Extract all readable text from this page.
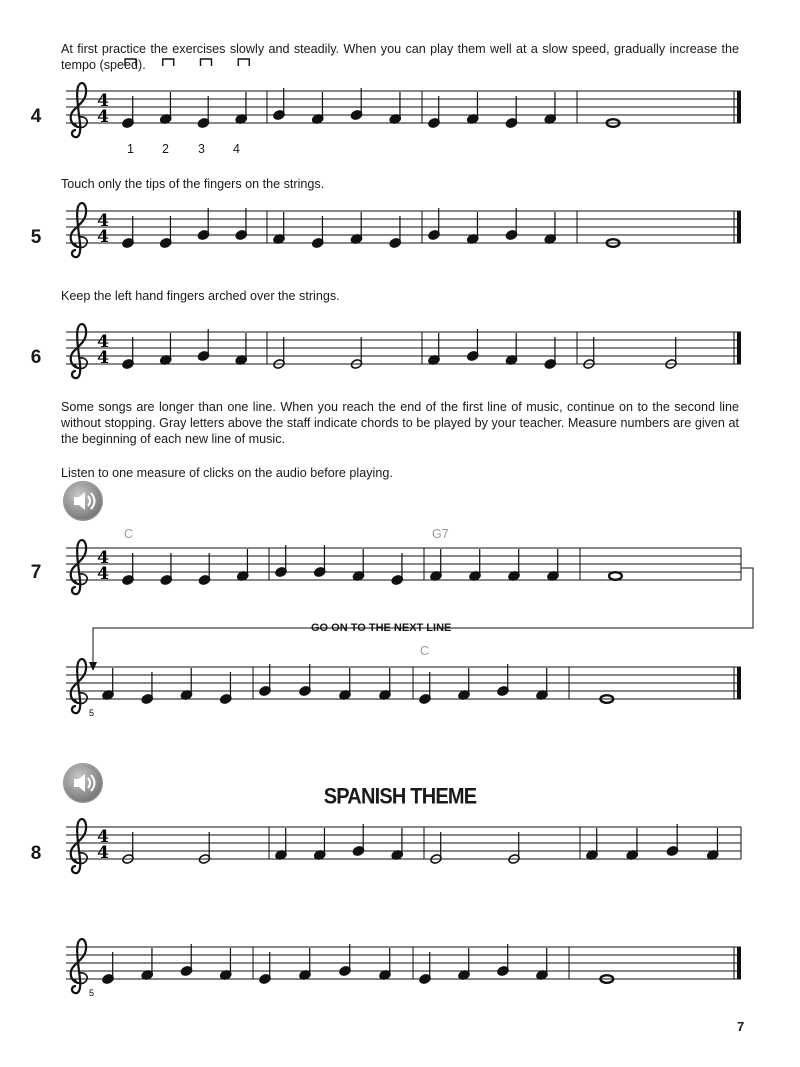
At first practice the exercises slowly and steadily. When you can play them well at a slow speed, gradually increase the tempo (speed).

Touch only the tips of the fingers on the strings.

Keep the left hand fingers arched over the strings.

Some songs are longer than one line. When you reach the end of the first line of music, continue on to the second line without stopping. Gray letters above the staff indicate chords to be played by your teacher. Measure numbers are given at the beginning of each new line of music.

Listen to one measure of clicks on the audio before playing.

4
5
6
7
8
C	G7
C
1 2 3 4
SPANISH THEME
GO ON TO THE NEXT LINE
7
4
4
4
4
4
4
4
4
5
4
4
5
